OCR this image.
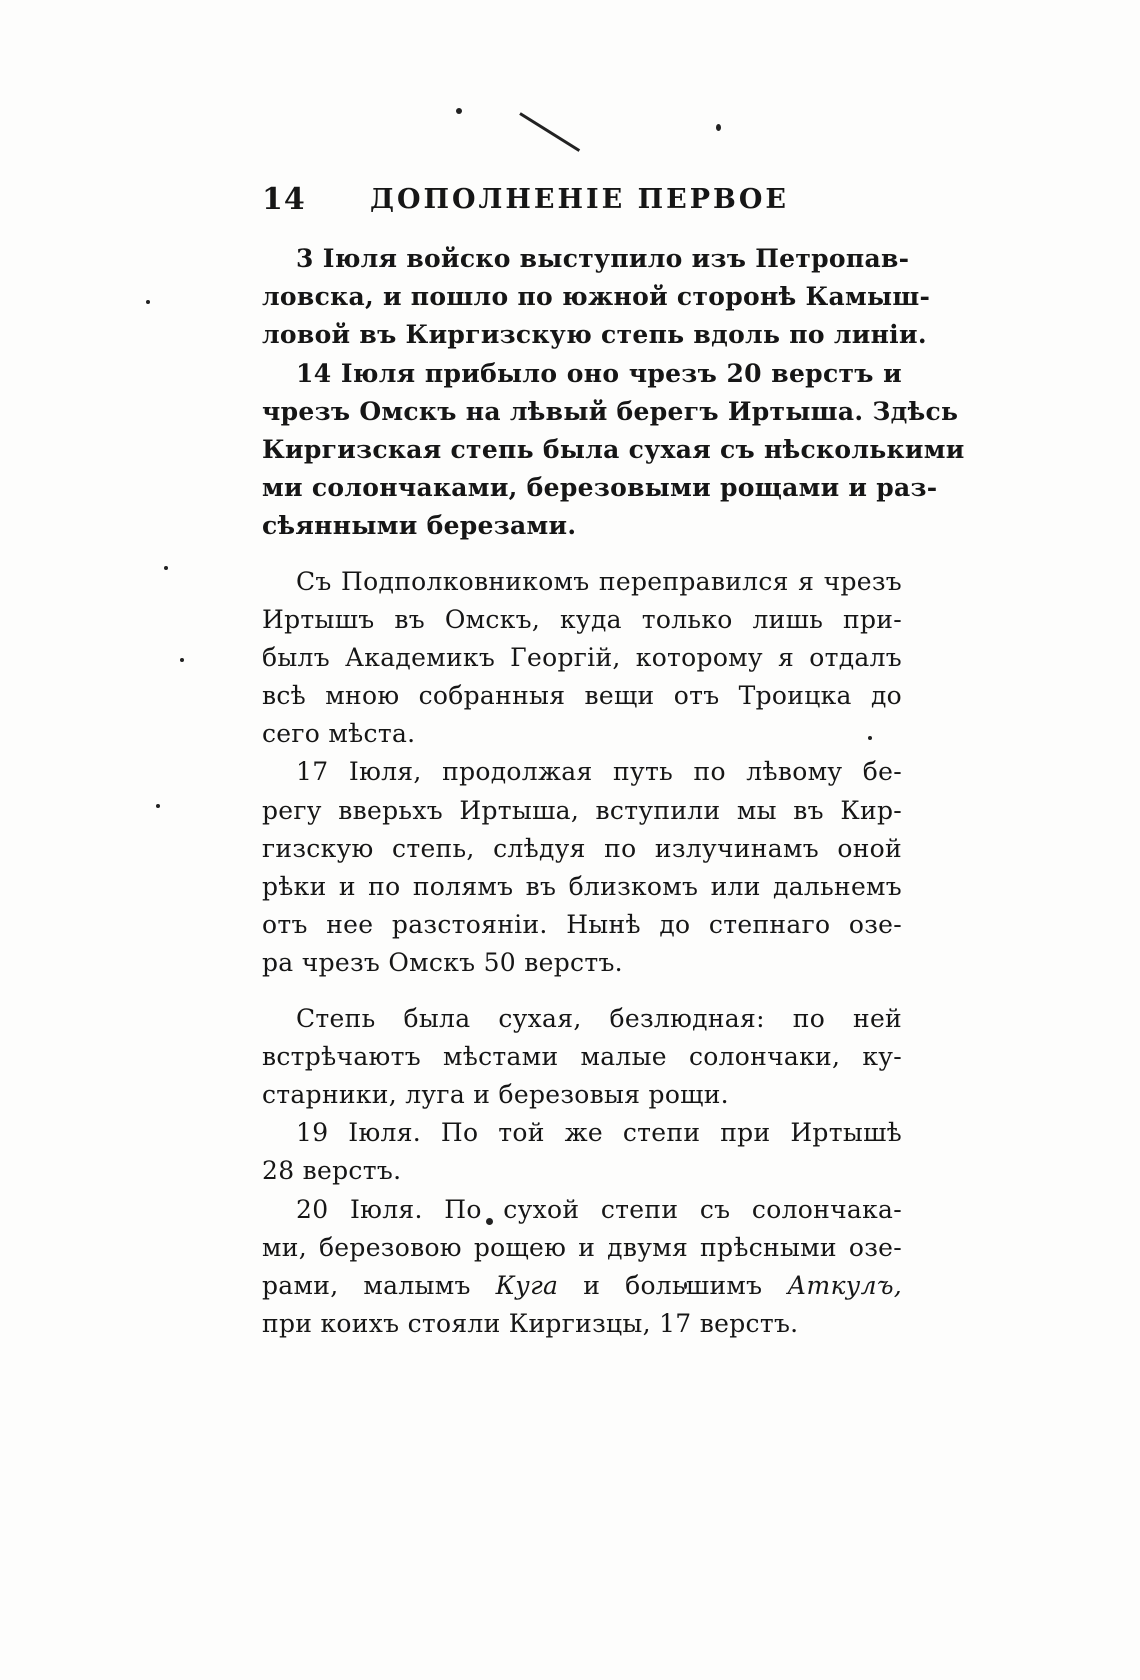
14 ДОПОЛНЕНІЕ ПЕРВОЕ
3 Іюля войско выступило изъ Петропав-
ловска, и пошло по южной сторонѣ Камыш-
ловой въ Киргизскую степь вдоль по линіи.
14 Іюля прибыло оно чрезъ 20 верстъ и
чрезъ Омскъ на лѣвый берегъ Иртыша. Здѣсь
Киргизская степь была сухая съ нѣсколькими
ми солончаками, березовыми рощами и раз-
сѣянными березами.
Съ Подполковникомъ переправился я чрезъ
Иртышъ въ Омскъ, куда только лишь при-
былъ Академикъ Георгій, которому я отдалъ
всѣ мною собранныя вещи отъ Троицка до
сего мѣста.
17 Іюля, продолжая путь по лѣвому бе-
регу вверьхъ Иртыша, вступили мы въ Кир-
гизскую степь, слѣдуя по излучинамъ оной
рѣки и по полямъ въ близкомъ или дальнемъ
отъ нее разстояніи. Нынѣ до степнаго озе-
ра чрезъ Омскъ 50 верстъ.
Степь была сухая, безлюдная: по ней
встрѣчаютъ мѣстами малые солончаки, ку-
старники, луга и березовыя рощи.
19 Іюля. По той же степи при Иртышѣ
28 верстъ.
20 Іюля. По сухой степи съ солончака-
ми, березовою рощею и двумя прѣсными озе-
рами, малымъ Куга и большимъ Аткулъ,
при коихъ стояли Киргизцы, 17 верстъ.
